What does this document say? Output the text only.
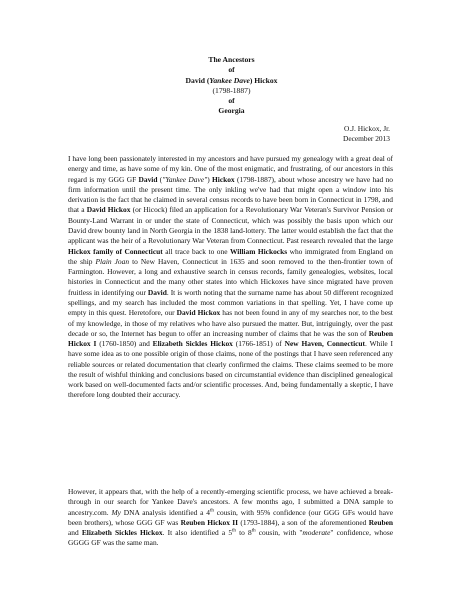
The Ancestors
of
David (Yankee Dave) Hickox
(1798-1887)
of
Georgia
O.J. Hickox, Jr.
December 2013

I have long been passionately interested in my ancestors and have pursued my genealogy with a great deal of energy and time, as have some of my kin. One of the most enigmatic, and frustrating, of our ancestors in this regard is my GGG GF David ("Yankee Dave") Hickox (1798-1887), about whose ancestry we have had no firm information until the present time. The only inkling we've had that might open a window into his derivation is the fact that he claimed in several census records to have been born in Connecticut in 1798, and that a David Hickox (or Hicock) filed an application for a Revolutionary War Veteran's Survivor Pension or Bounty-Land Warrant in or under the state of Connecticut, which was possibly the basis upon which our David drew bounty land in North Georgia in the 1838 land-lottery. The latter would establish the fact that the applicant was the heir of a Revolutionary War Veteran from Connecticut. Past research revealed that the large Hickox family of Connecticut all trace back to one William Hickocks who immigrated from England on the ship Plain Joan to New Haven, Connecticut in 1635 and soon removed to the then-frontier town of Farmington. However, a long and exhaustive search in census records, family genealogies, websites, local histories in Connecticut and the many other states into which Hickoxes have since migrated have proven fruitless in identifying our David. It is worth noting that the surname name has about 50 different recognized spellings, and my search has included the most common variations in that spelling. Yet, I have come up empty in this quest. Heretofore, our David Hickox has not been found in any of my searches nor, to the best of my knowledge, in those of my relatives who have also pursued the matter. But, intriguingly, over the past decade or so, the Internet has begun to offer an increasing number of claims that he was the son of Reuben Hickox I (1760-1850) and Elizabeth Sickles Hickox (1766-1851) of New Haven, Connecticut. While I have some idea as to one possible origin of those claims, none of the postings that I have seen referenced any reliable sources or related documentation that clearly confirmed the claims. These claims seemed to be more the result of wishful thinking and conclusions based on circumstantial evidence than disciplined genealogical work based on well-documented facts and/or scientific processes. And, being fundamentally a skeptic, I have therefore long doubted their accuracy.

However, it appears that, with the help of a recently-emerging scientific process, we have achieved a break-through in our search for Yankee Dave's ancestors. A few months ago, I submitted a DNA sample to ancestry.com. My DNA analysis identified a 4th cousin, with 95% confidence (our GGG GFs would have been brothers), whose GGG GF was Reuben Hickox II (1793-1884), a son of the aforementioned Reuben and Elizabeth Sickles Hickox. It also identified a 5th to 8th cousin, with "moderate" confidence, whose GGGG GF was the same man.
